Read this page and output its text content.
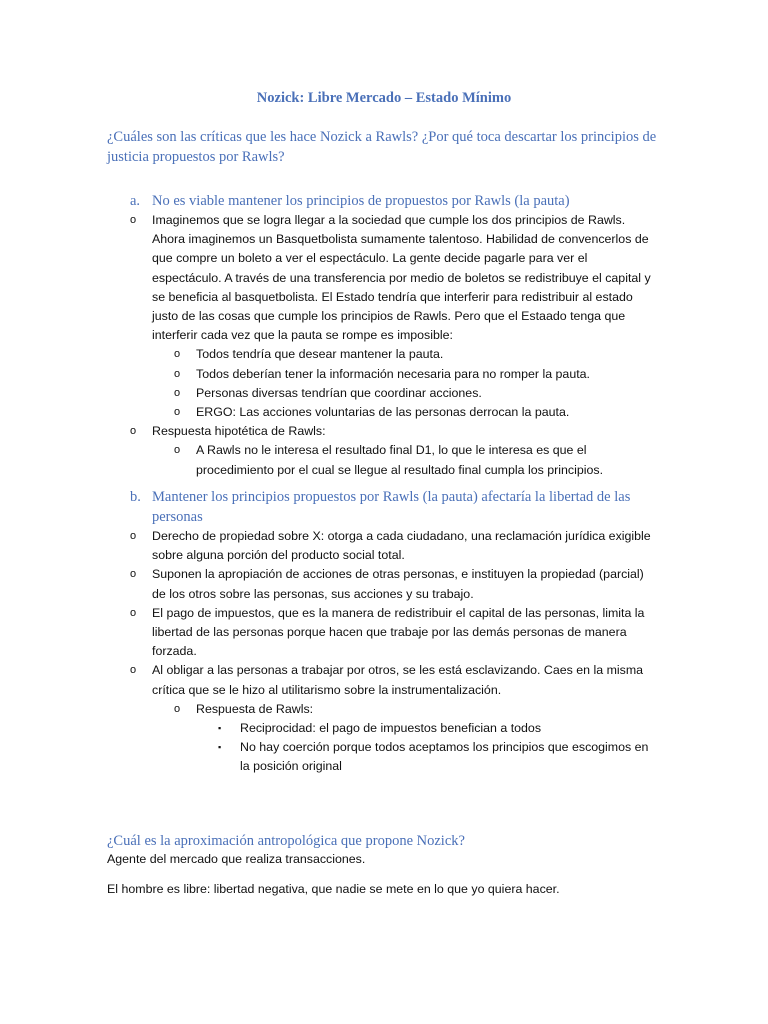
Nozick: Libre Mercado – Estado Mínimo
¿Cuáles son las críticas que les hace Nozick a Rawls? ¿Por qué toca descartar los principios de justicia propuestos por Rawls?
a. No es viable mantener los principios de propuestos por Rawls (la pauta)
o Imaginemos que se logra llegar a la sociedad que cumple los dos principios de Rawls. Ahora imaginemos un Basquetbolista sumamente talentoso. Habilidad de convencerlos de que compre un boleto a ver el espectáculo. La gente decide pagarle para ver el espectáculo. A través de una transferencia por medio de boletos se redistribuye el capital y se beneficia al basquetbolista. El Estado tendría que interferir para redistribuir al estado justo de las cosas que cumple los principios de Rawls. Pero que el Estaado tenga que interferir cada vez que la pauta se rompe es imposible:
o Todos tendría que desear mantener la pauta.
o Todos deberían tener la información necesaria para no romper la pauta.
o Personas diversas tendrían que coordinar acciones.
o ERGO: Las acciones voluntarias de las personas derrocan la pauta.
o Respuesta hipotética de Rawls:
o A Rawls no le interesa el resultado final D1, lo que le interesa es que el procedimiento por el cual se llegue al resultado final cumpla los principios.
b. Mantener los principios propuestos por Rawls (la pauta) afectaría la libertad de las personas
o Derecho de propiedad sobre X: otorga a cada ciudadano, una reclamación jurídica exigible sobre alguna porción del producto social total.
o Suponen la apropiación de acciones de otras personas, e instituyen la propiedad (parcial) de los otros sobre las personas, sus acciones y su trabajo.
o El pago de impuestos, que es la manera de redistribuir el capital de las personas, limita la libertad de las personas porque hacen que trabaje por las demás personas de manera forzada.
o Al obligar a las personas a trabajar por otros, se les está esclavizando. Caes en la misma crítica que se le hizo al utilitarismo sobre la instrumentalización.
o Respuesta de Rawls:
▪ Reciprocidad: el pago de impuestos benefician a todos
▪ No hay coerción porque todos aceptamos los principios que escogimos en la posición original
¿Cuál es la aproximación antropológica que propone Nozick?
Agente del mercado que realiza transacciones.
El hombre es libre: libertad negativa, que nadie se mete en lo que yo quiera hacer.
